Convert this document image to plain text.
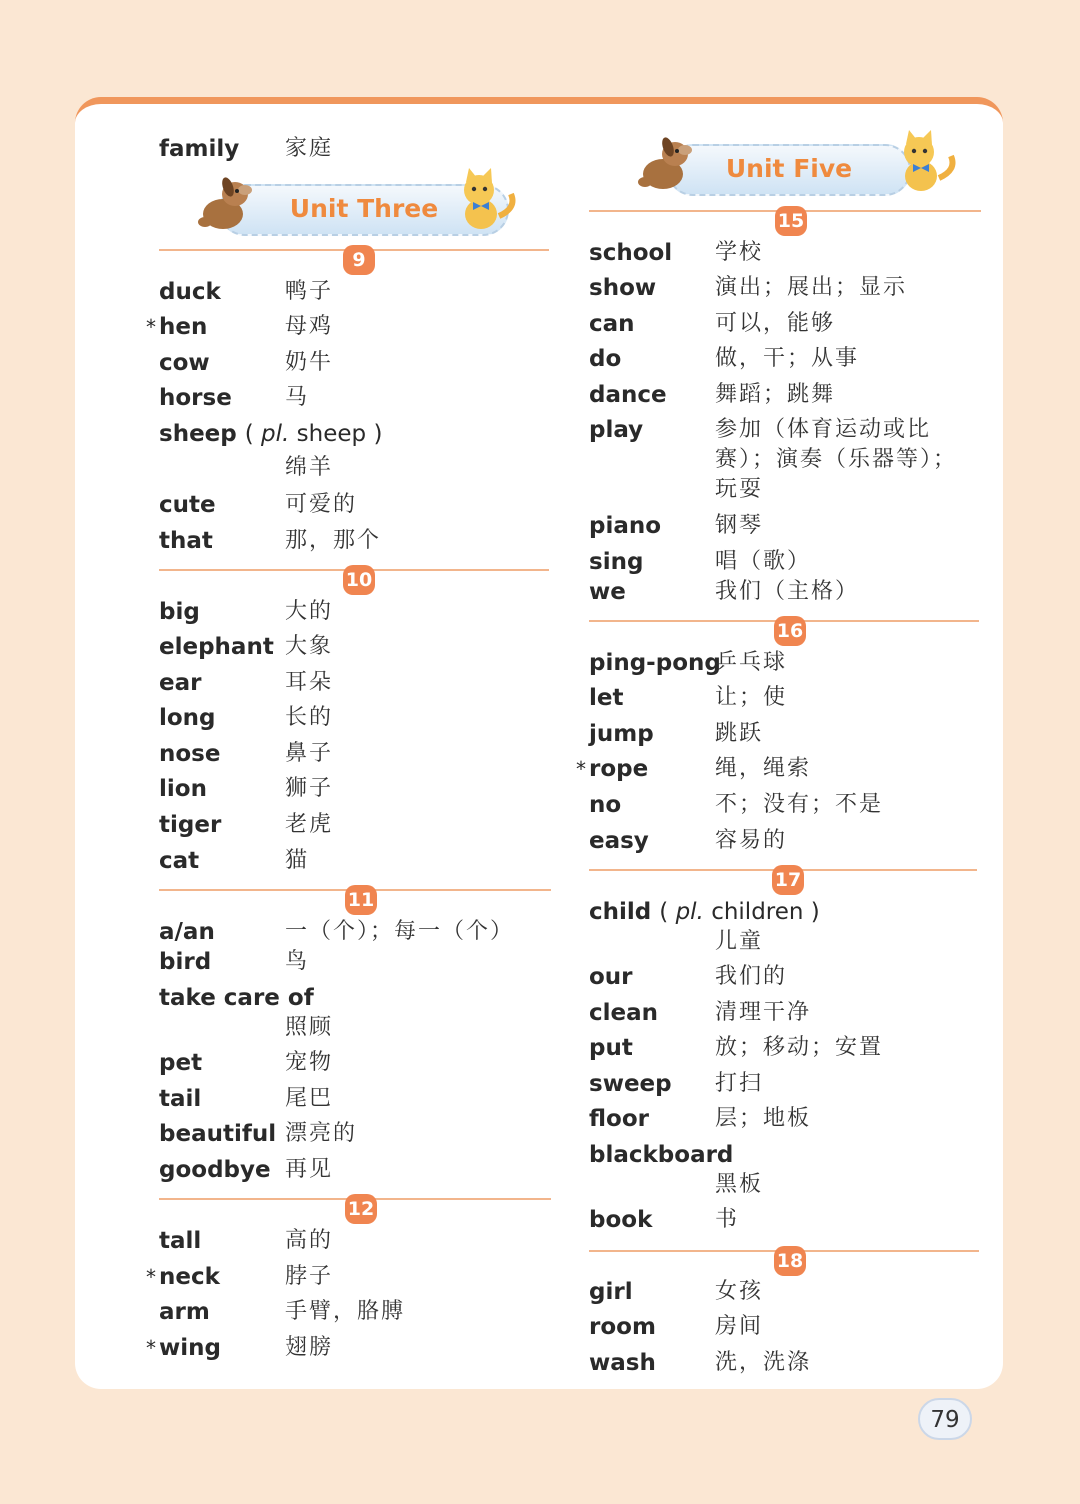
family 家庭
Unit Three
9
duck	鸭子
* hen	母鸡
cow	奶牛
horse 马
sheep ( pl. sheep )
绵羊
cute	可爱的
that	那，那个
10
big	大的
elephant 大象
ear	耳朵
long	长的
nose	鼻子
lion	狮子
tiger	老虎
cat	猫
11
a/an	一（个）；每一（个）
bird	鸟
take care of
照顾
pet	宠物
tail	尾巴
beautiful 漂亮的
goodbye 再见
12
tall	高的
* neck	脖子
arm	手臂，胳膊
* wing	翅膀
Unit Five
15
school 学校
show	演出；展出；显示
can	可以，能够
do	做，干；从事
dance 舞蹈；跳舞
play	参加（体育运动或比赛）；演奏（乐器等）；玩耍
piano 钢琴
sing	唱（歌）
we	我们（主格）
16
ping-pong
乒乓球
let	让；使
jump	跳跃
* rope	绳，绳索
no	不；没有；不是
easy	容易的
17
child ( pl. children )
儿童
our	我们的
clean	清理干净
put	放；移动；安置
sweep 打扫
floor	层；地板
blackboard
黑板
book	书
18
girl	女孩
room	房间
wash	洗，洗涤
79
